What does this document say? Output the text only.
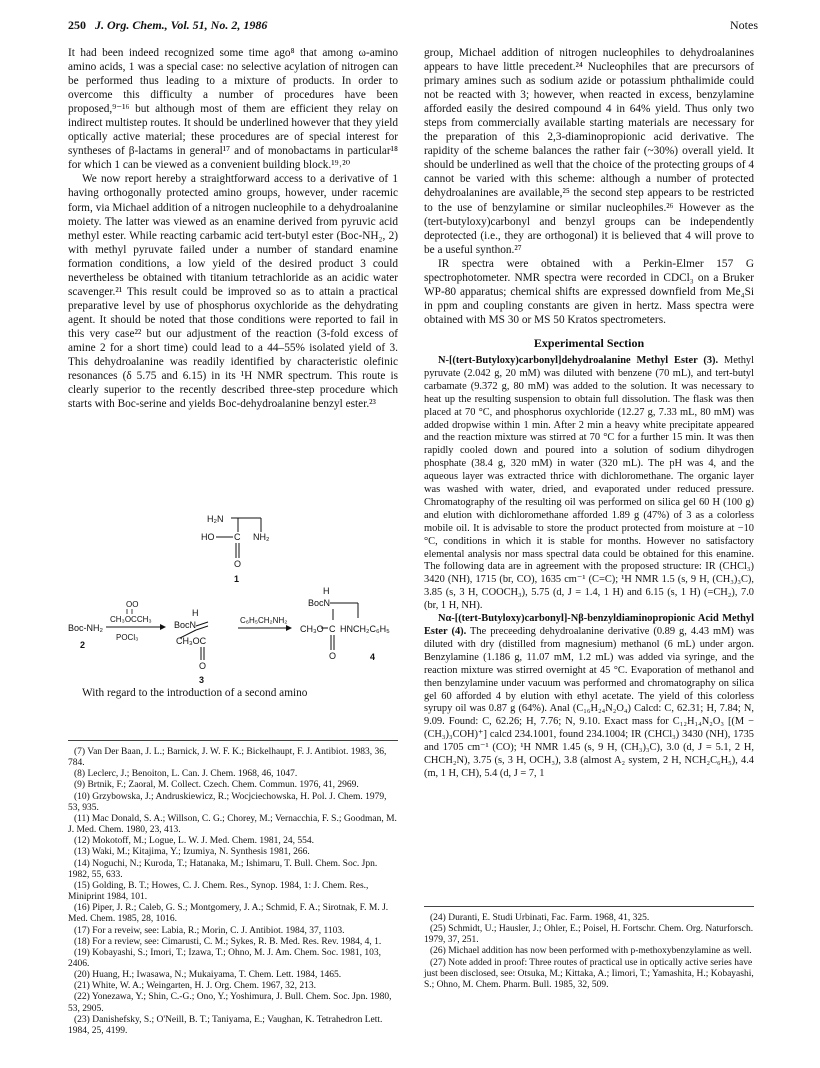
250 J. Org. Chem., Vol. 51, No. 2, 1986	Notes

It had been indeed recognized some time ago⁸ that among ω-amino amino acids, 1 was a special case: no selective acylation of nitrogen can be performed thus leading to a mixture of products. In order to overcome this difficulty a number of procedures have been proposed,⁹⁻¹⁶ but although most of them are efficient they relay on indirect multistep routes. It should be underlined however that they yield optically active material; these procedures are of special interest for syntheses of β-lactams in general¹⁷ and of monobactams in particular¹⁸ for which 1 can be viewed as a convenient building block.¹⁹˒²⁰

We now report hereby a straightforward access to a derivative of 1 having orthogonally protected amino groups, however, under racemic form, via Michael addition of a nitrogen nucleophile to a dehydroalanine moiety. The latter was viewed as an enamine derived from pyruvic acid methyl ester. While reacting carbamic acid tert-butyl ester (Boc-NH₂, 2) with methyl pyruvate failed under a number of standard enamine formation conditions, a low yield of the desired product 3 could nevertheless be obtained with titanium tetrachloride as an acidic water scavenger.²¹ This result could be improved so as to attain a practical preparative level by use of phosphorus oxychloride as the dehydrating agent. It should be noted that those conditions were reported to fail in this very case²² but our adjustment of the reaction (3-fold excess of amine 2 for a short time) could lead to a 44–55% isolated yield of 3. This dehydroalanine was readily identified by characteristic olefinic resonances (δ 5.75 and 6.15) in its ¹H NMR spectrum. This route is clearly superior to the recently described three-step procedure which starts with Boc-serine and yields Boc-dehydroalanine benzyl ester.²³

H₂N
HO C NH₂
O
1
Boc-NH₂
2
OO
CH₃OCCH₃
POCl₃
H
BocN
CH₃OC
O
3
C₆H₅CH₂NH₂
H
BocN
CH₃O C HNCH₂C₆H₅
O	4

With regard to the introduction of a second amino

(7) Van Der Baan, J. L.; Barnick, J. W. F. K.; Bickelhaupt, F. J. Antibiot. 1983, 36, 784.

(8) Leclerc, J.; Benoiton, L. Can. J. Chem. 1968, 46, 1047.

(9) Brtnik, F.; Zaoral, M. Collect. Czech. Chem. Commun. 1976, 41, 2969.

(10) Grzybowska, J.; Andruskiewicz, R.; Wocjciechowska, H. Pol. J. Chem. 1979, 53, 935.

(11) Mac Donald, S. A.; Willson, C. G.; Chorey, M.; Vernacchia, F. S.; Goodman, M. J. Med. Chem. 1980, 23, 413.

(12) Mokotoff, M.; Logue, L. W. J. Med. Chem. 1981, 24, 554.

(13) Waki, M.; Kitajima, Y.; Izumiya, N. Synthesis 1981, 266.

(14) Noguchi, N.; Kuroda, T.; Hatanaka, M.; Ishimaru, T. Bull. Chem. Soc. Jpn. 1982, 55, 633.

(15) Golding, B. T.; Howes, C. J. Chem. Res., Synop. 1984, 1: J. Chem. Res., Miniprint 1984, 101.

(16) Piper, J. R.; Caleb, G. S.; Montgomery, J. A.; Schmid, F. A.; Sirotnak, F. M. J. Med. Chem. 1985, 28, 1016.

(17) For a reveiw, see: Labia, R.; Morin, C. J. Antibiot. 1984, 37, 1103.

(18) For a review, see: Cimarusti, C. M.; Sykes, R. B. Med. Res. Rev. 1984, 4, 1.

(19) Kobayashi, S.; Imori, T.; Izawa, T.; Ohno, M. J. Am. Chem. Soc. 1981, 103, 2406.

(20) Huang, H.; Iwasawa, N.; Mukaiyama, T. Chem. Lett. 1984, 1465.

(21) White, W. A.; Weingarten, H. J. Org. Chem. 1967, 32, 213.

(22) Yonezawa, Y.; Shin, C.-G.; Ono, Y.; Yoshimura, J. Bull. Chem. Soc. Jpn. 1980, 53, 2905.

(23) Danishefsky, S.; O'Neill, B. T.; Taniyama, E.; Vaughan, K. Tetrahedron Lett. 1984, 25, 4199.

group, Michael addition of nitrogen nucleophiles to dehydroalanines appears to have little precedent.²⁴ Nucleophiles that are precursors of primary amines such as sodium azide or potassium phthalimide could not be reacted with 3; however, when reacted in excess, benzylamine afforded easily the desired compound 4 in 64% yield. Thus only two steps from commercially available starting materials are necessary for the preparation of this 2,3-diaminopropionic acid derivative. The rapidity of the scheme balances the rather fair (~30%) overall yield. It should be underlined as well that the choice of the protecting groups of 4 cannot be varied with this scheme: although a number of protected dehydroalanines are available,²⁵ the second step appears to be restricted to the use of benzylamine or similar nucleophiles.²⁶ However as the (tert-butyloxy)carbonyl and benzyl groups can be independently deprotected (i.e., they are orthogonal) it is believed that 4 will prove to be a useful synthon.²⁷

IR spectra were obtained with a Perkin-Elmer 157 G spectrophotometer. NMR spectra were recorded in CDCl₃ on a Bruker WP-80 apparatus; chemical shifts are expressed downfield from Me₄Si in ppm and coupling constants are given in hertz. Mass spectra were obtained with MS 30 or MS 50 Kratos spectrometers.

Experimental Section

N-[(tert-Butyloxy)carbonyl]dehydroalanine Methyl Ester (3). Methyl pyruvate (2.042 g, 20 mM) was diluted with benzene (70 mL), and tert-butyl carbamate (9.372 g, 80 mM) was added to the solution. It was necessary to heat up the resulting suspension to obtain full dissolution. The flask was then placed at 70 °C, and phosphorus oxychloride (12.27 g, 7.33 mL, 80 mM) was added dropwise within 1 min. After 2 min a heavy white precipitate appeared and the reaction mixture was stirred at 70 °C for a further 15 min. It was then rapidly cooled down and poured into a solution of sodium dihydrogen phosphate (38.4 g, 320 mM) in water (320 mL). The pH was 4, and the aqueous layer was extracted thrice with dichloromethane. The organic layer was washed with water, dried, and evaporated under reduced pressure. Chromatography of the resulting oil was performed on silica gel 60 H (100 g) and elution with dichloromethane afforded 1.89 g (47%) of 3 as a colorless mobile oil. It is advisable to store the product protected from moisture at −10 °C, conditions in which it is stable for months. However no satisfactory elemental analysis nor mass spectral data could be obtained for this enamine. The following data are in agreement with the proposed structure: IR (CHCl₃) 3420 (NH), 1715 (br, CO), 1635 cm⁻¹ (C=C); ¹H NMR 1.5 (s, 9 H, (CH₃)₃C), 3.85 (s, 3 H, COOCH₃), 5.75 (d, J = 1.4, 1 H) and 6.15 (s, 1 H) (=CH₂), 7.0 (br, 1 H, NH).

Nα-[(tert-Butyloxy)carbonyl]-Nβ-benzyldiaminopropionic Acid Methyl Ester (4). The preceeding dehydroalanine derivative (0.89 g, 4.43 mM) was diluted with dry (distilled from magnesium) methanol (6 mL) under argon. Benzylamine (1.186 g, 11.07 mM, 1.2 mL) was added via syringe, and the reaction mixture was stirred overnight at 45 °C. Evaporation of methanol and then benzylamine under vacuum was performed and chromatography on silica gel 60 afforded 4 by elution with ethyl acetate. The yield of this colorless syrupy oil was 0.87 g (64%). Anal (C₁₆H₂₄N₂O₄) Calcd: C, 62.31; H, 7.84; N, 9.09. Found: C, 62.26; H, 7.76; N, 9.10. Exact mass for C₁₂H₁₄N₂O₃ [(M − (CH₃)₃COH)⁺] calcd 234.1001, found 234.1004; IR (CHCl₃) 3430 (NH), 1735 and 1705 cm⁻¹ (CO); ¹H NMR 1.45 (s, 9 H, (CH₃)₃C), 3.0 (d, J = 5.1, 2 H, CHCH₂N), 3.75 (s, 3 H, OCH₃), 3.8 (almost A₂ system, 2 H, NCH₂C₆H₅), 4.4 (m, 1 H, CH), 5.4 (d, J = 7, 1

(24) Duranti, E. Studi Urbinati, Fac. Farm. 1968, 41, 325.

(25) Schmidt, U.; Hausler, J.; Ohler, E.; Poisel, H. Fortschr. Chem. Org. Naturforsch. 1979, 37, 251.

(26) Michael addition has now been performed with p-methoxybenzylamine as well.

(27) Note added in proof: Three routes of practical use in optically active series have just been disclosed, see: Otsuka, M.; Kittaka, A.; Iimori, T.; Yamashita, H.; Kobayashi, S.; Ohno, M. Chem. Pharm. Bull. 1985, 32, 509.
